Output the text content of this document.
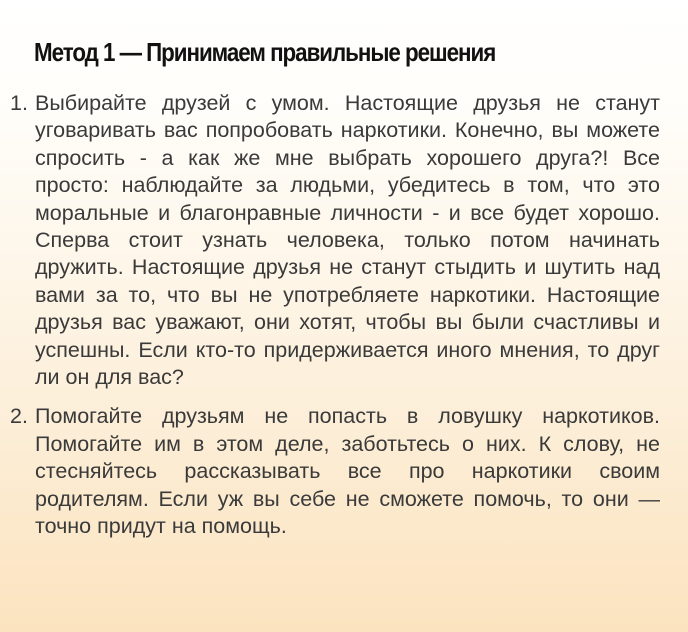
Метод 1 — Принимаем правильные решения
1. Выбирайте друзей с умом. Настоящие друзья не станут уговаривать вас попробовать наркотики. Конечно, вы можете спросить - а как же мне выбрать хорошего друга?! Все просто: наблюдайте за людьми, убедитесь в том, что это моральные и благонравные личности - и все будет хорошо. Сперва стоит узнать человека, только потом начинать дружить. Настоящие друзья не станут стыдить и шутить над вами за то, что вы не употребляете наркотики. Настоящие друзья вас уважают, они хотят, чтобы вы были счастливы и успешны. Если кто-то придерживается иного мнения, то друг ли он для вас?
2. Помогайте друзьям не попасть в ловушку наркотиков. Помогайте им в этом деле, заботьтесь о них. К слову, не стесняйтесь рассказывать все про наркотики своим родителям. Если уж вы себе не сможете помочь, то они — точно придут на помощь.
